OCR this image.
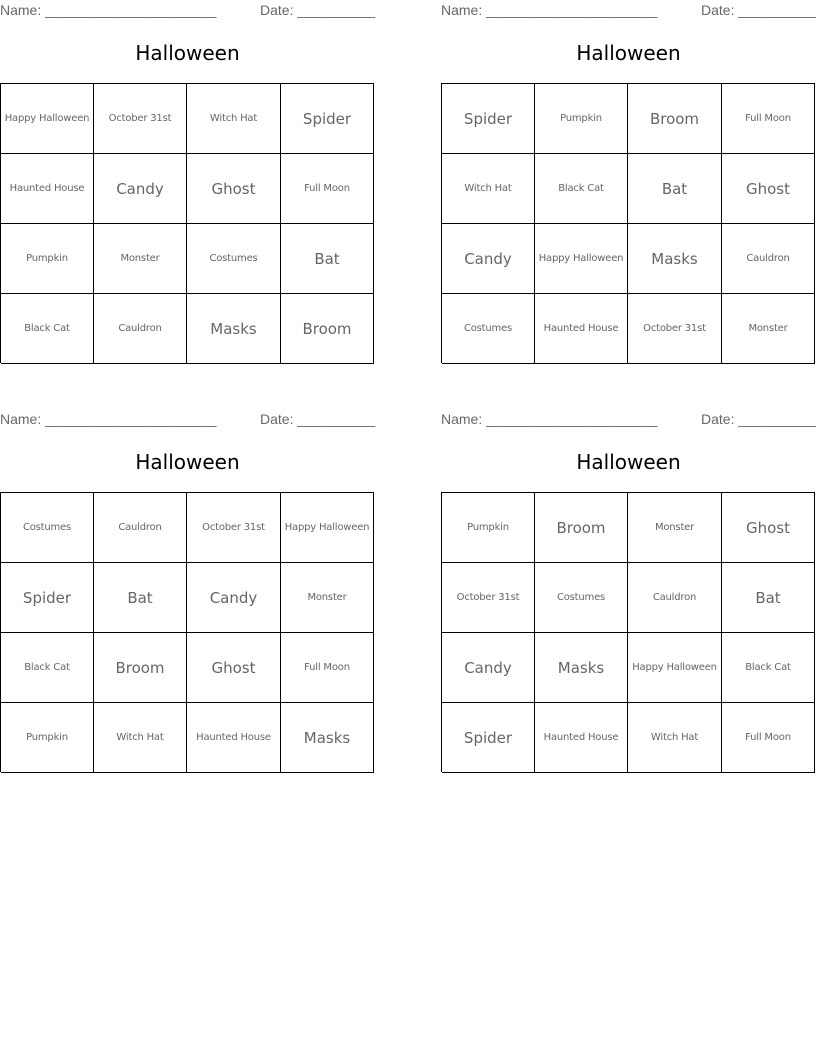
Name: ______________________	Date: __________
Halloween
Happy Halloween	October 31st	Witch Hat	Spider
Haunted House	Candy	Ghost	Full Moon
Pumpkin	Monster	Costumes	Bat
Black Cat	Cauldron	Masks	Broom
Name: ______________________	Date: __________
Halloween
Spider	Pumpkin	Broom	Full Moon
Witch Hat	Black Cat	Bat	Ghost
Candy	Happy Halloween	Masks	Cauldron
Costumes	Haunted House	October 31st	Monster
Name: ______________________	Date: __________
Halloween
Costumes	Cauldron	October 31st	Happy Halloween
Spider	Bat	Candy	Monster
Black Cat	Broom	Ghost	Full Moon
Pumpkin	Witch Hat	Haunted House	Masks
Name: ______________________	Date: __________
Halloween
Pumpkin	Broom	Monster	Ghost
October 31st	Costumes	Cauldron	Bat
Candy	Masks	Happy Halloween	Black Cat
Spider	Haunted House	Witch Hat	Full Moon
